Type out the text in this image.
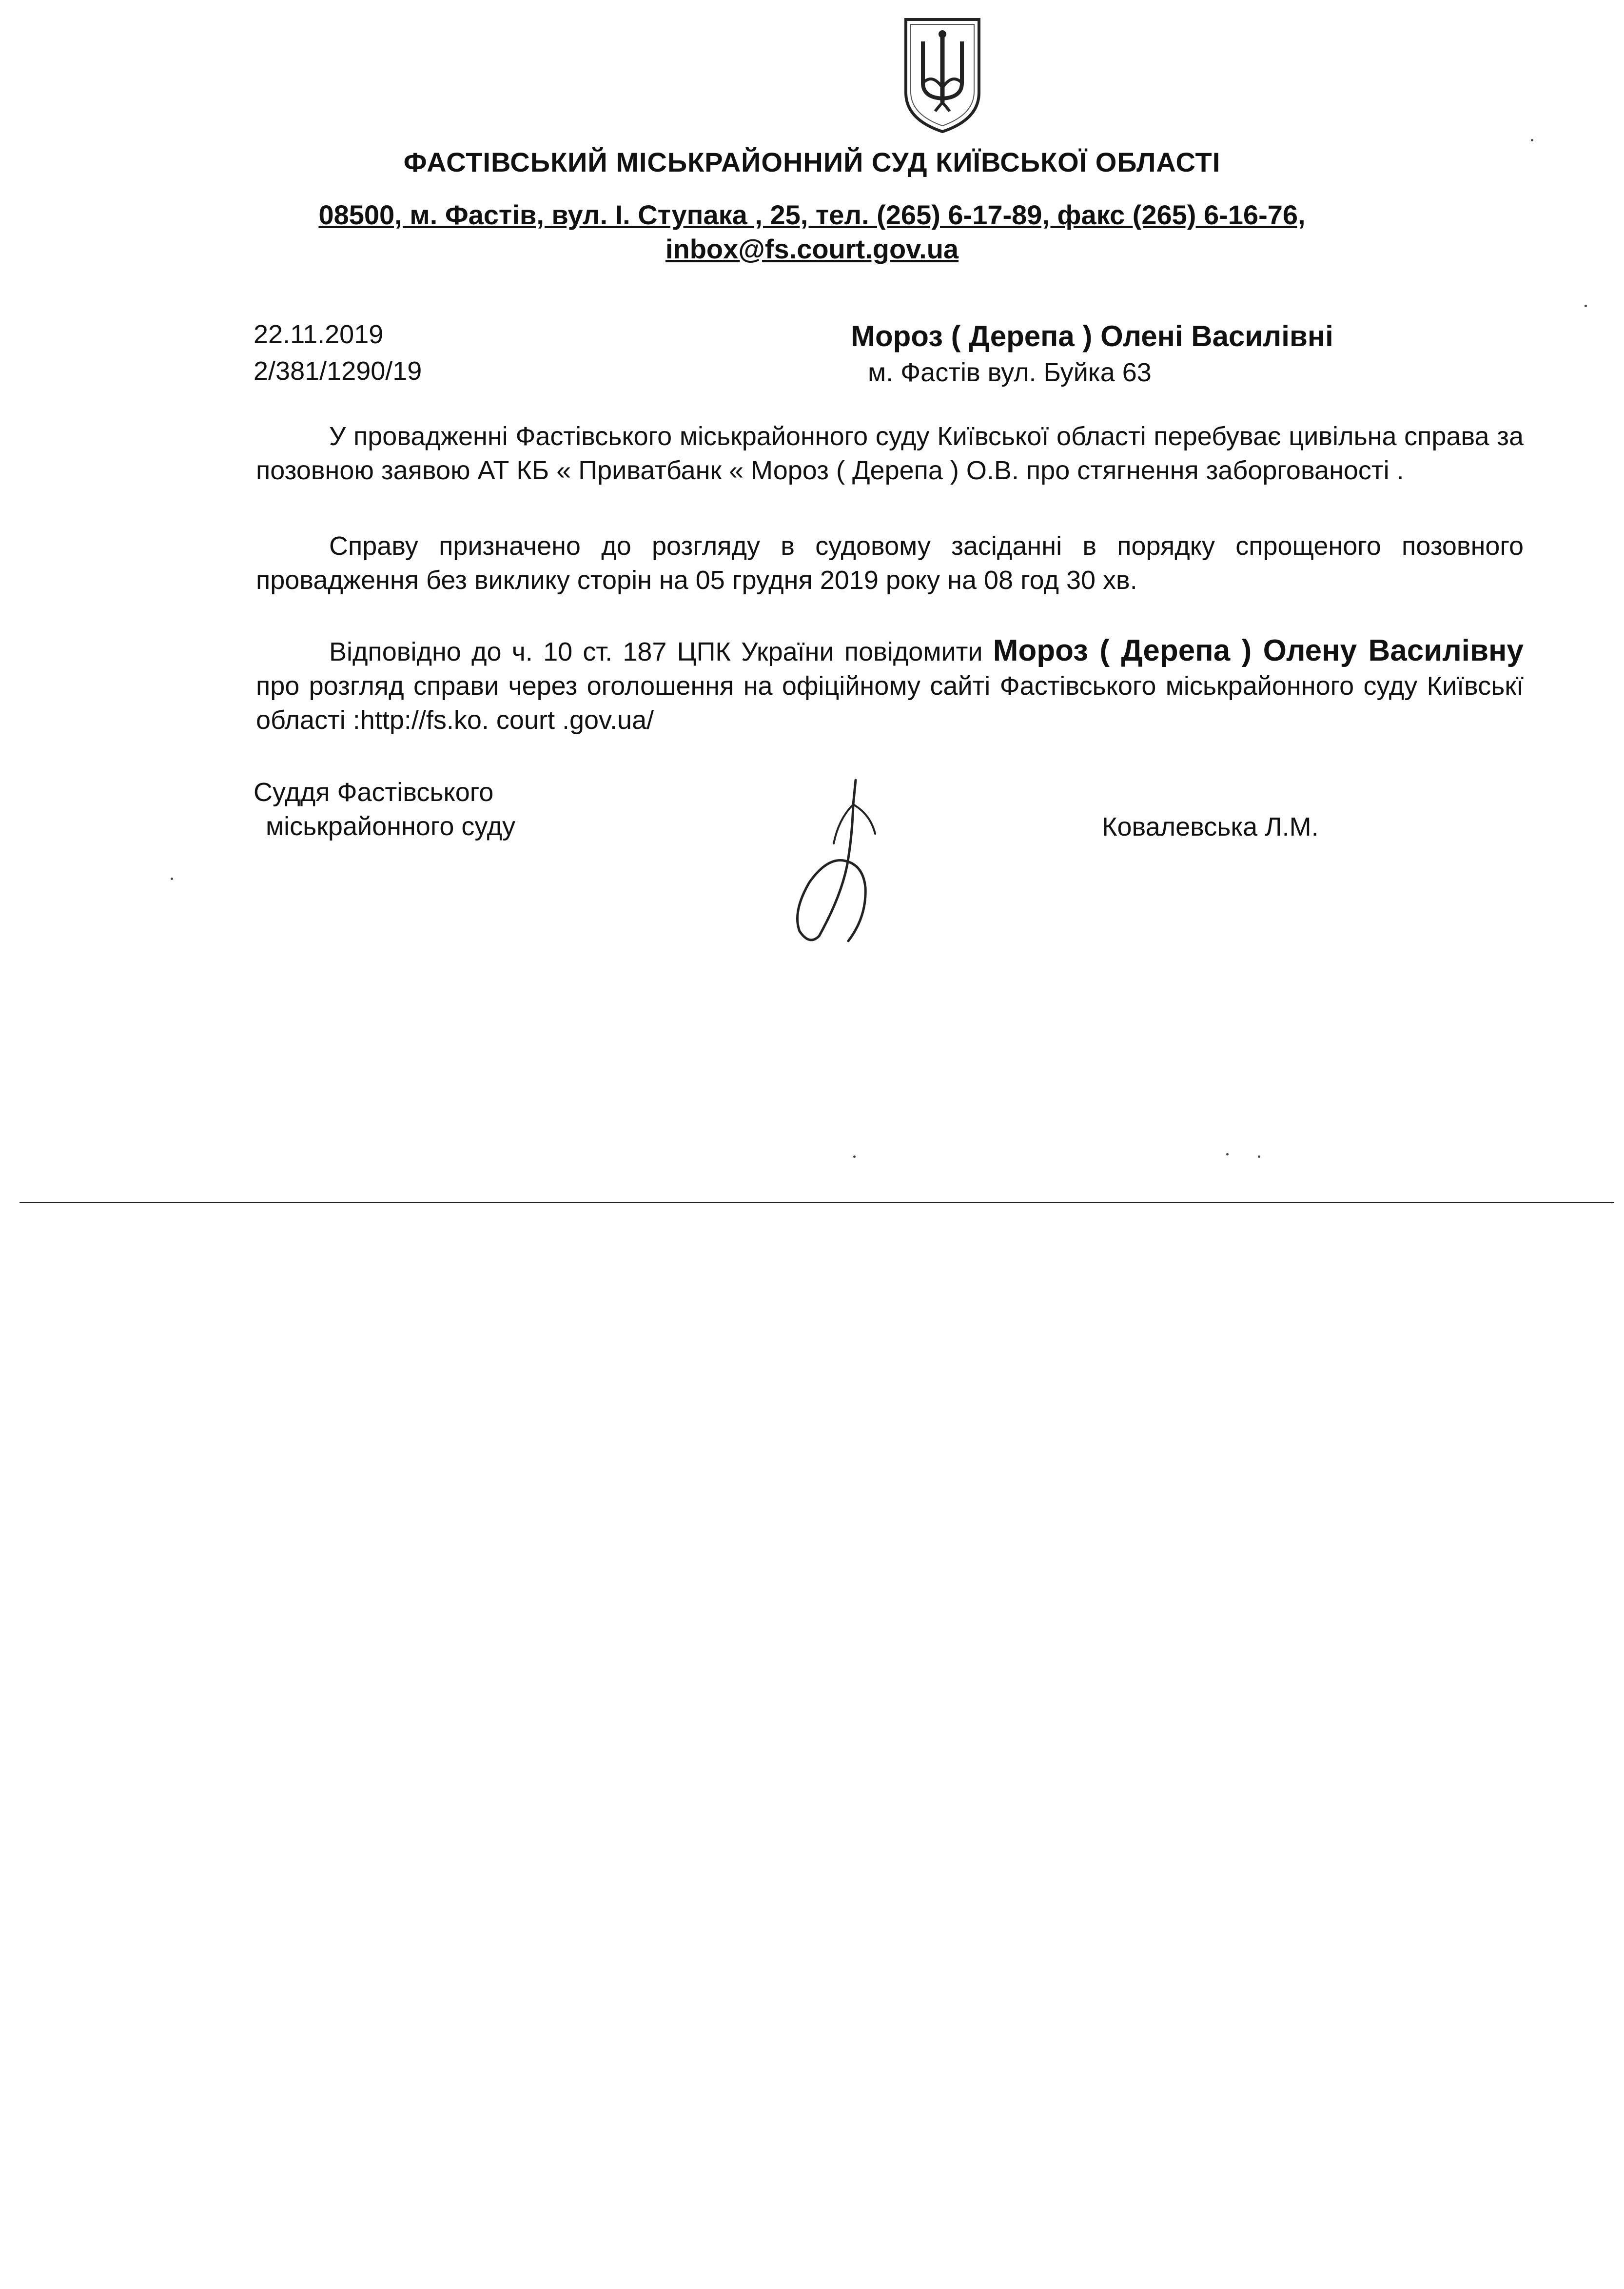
ФАСТІВСЬКИЙ МІСЬКРАЙОННИЙ СУД КИЇВСЬКОЇ ОБЛАСТІ
08500, м. Фастів, вул. І. Ступака , 25, тел. (265) 6-17-89, факс (265) 6-16-76,
inbox@fs.court.gov.ua
22.11.2019
2/381/1290/19
Мороз ( Дерепа ) Олені Василівні
м. Фастів вул. Буйка 63

У провадженні Фастівського міськрайонного суду Київської області перебуває цивільна справа за позовною заявою АТ КБ « Приватбанк « Мороз ( Дерепа ) О.В. про стягнення заборгованості .

Справу призначено до розгляду в судовому засіданні в порядку спрощеного позовного провадження без виклику сторін на 05 грудня 2019 року на 08 год 30 хв.

Відповідно до ч. 10 ст. 187 ЦПК України повідомити Мороз ( Дерепа ) Олену Василівну про розгляд справи через оголошення на офіційному сайті Фастівського міськрайонного суду Київськї області :http://fs.ko. court .gov.ua/

Суддя Фастівського
міськрайонного суду	Ковалевська Л.М.
